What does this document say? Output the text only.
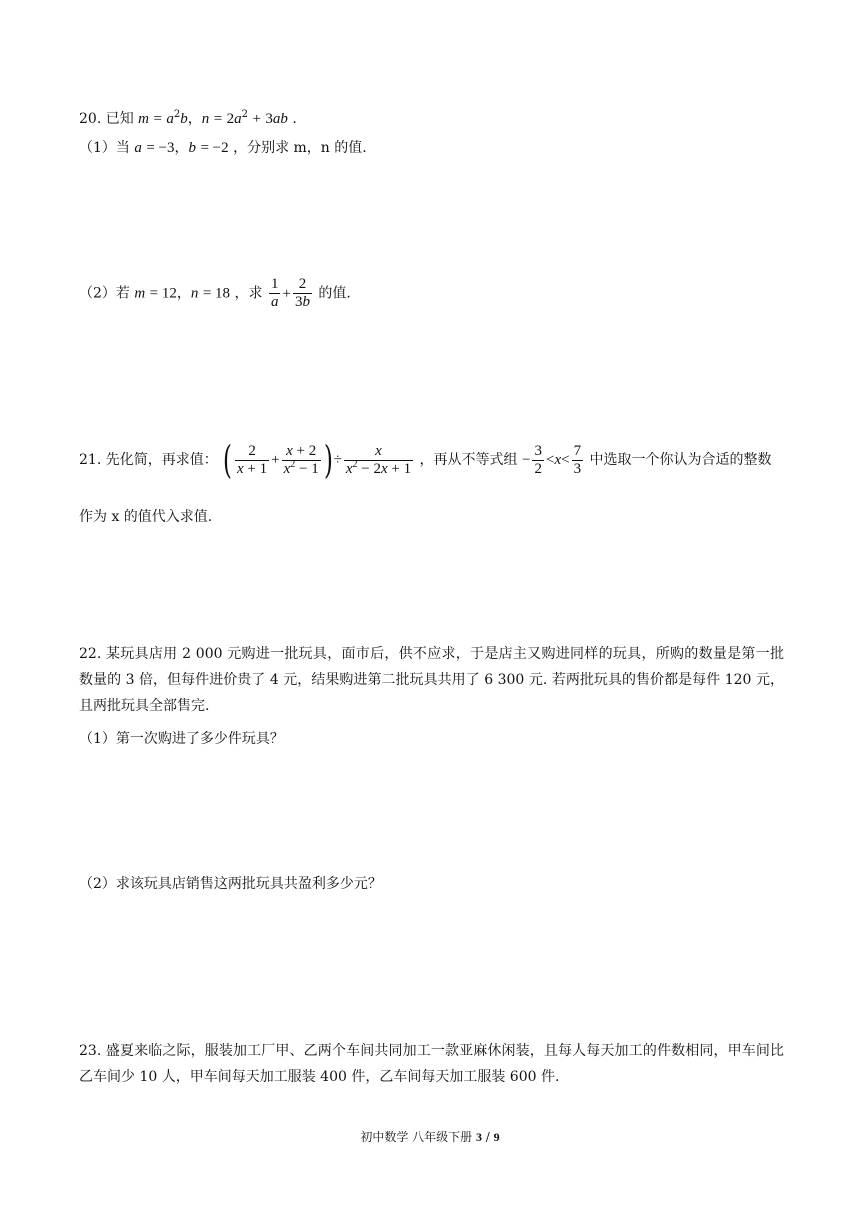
20. 已知 $m = a^2b$，$n = 2a^2 + 3ab$ .
（1）当 a = −3，b = −2 ，分别求 m，n 的值.
（2）若 m = 12，n = 18 ，求 $\frac{1}{a} + \frac{2}{3b}$ 的值.
21. 先化简，再求值： ( $\frac{2}{x + 1} + \frac{x + 2}{x^2 - 1}$ )÷ $\frac{x}{x^2 - 2x + 1}$ ，再从不等式组 − $\frac{3}{2} <x< \frac{7}{3}$ 中选取一个你认为合适的整数
作为 x 的值代入求值.
22. 某玩具店用 2 000 元购进一批玩具，面市后，供不应求，于是店主又购进同样的玩具，所购的数量是第一批数量的 3 倍，但每件进价贵了 4 元，结果购进第二批玩具共用了 6 300 元. 若两批玩具的售价都是每件 120 元，且两批玩具全部售完.
（1）第一次购进了多少件玩具？
（2）求该玩具店销售这两批玩具共盈利多少元？
23. 盛夏来临之际，服装加工厂甲、乙两个车间共同加工一款亚麻休闲装，且每人每天加工的件数相同，甲车间比乙车间少 10 人，甲车间每天加工服装 400 件，乙车间每天加工服装 600 件.
初中数学 八年级下册 3 / 9
